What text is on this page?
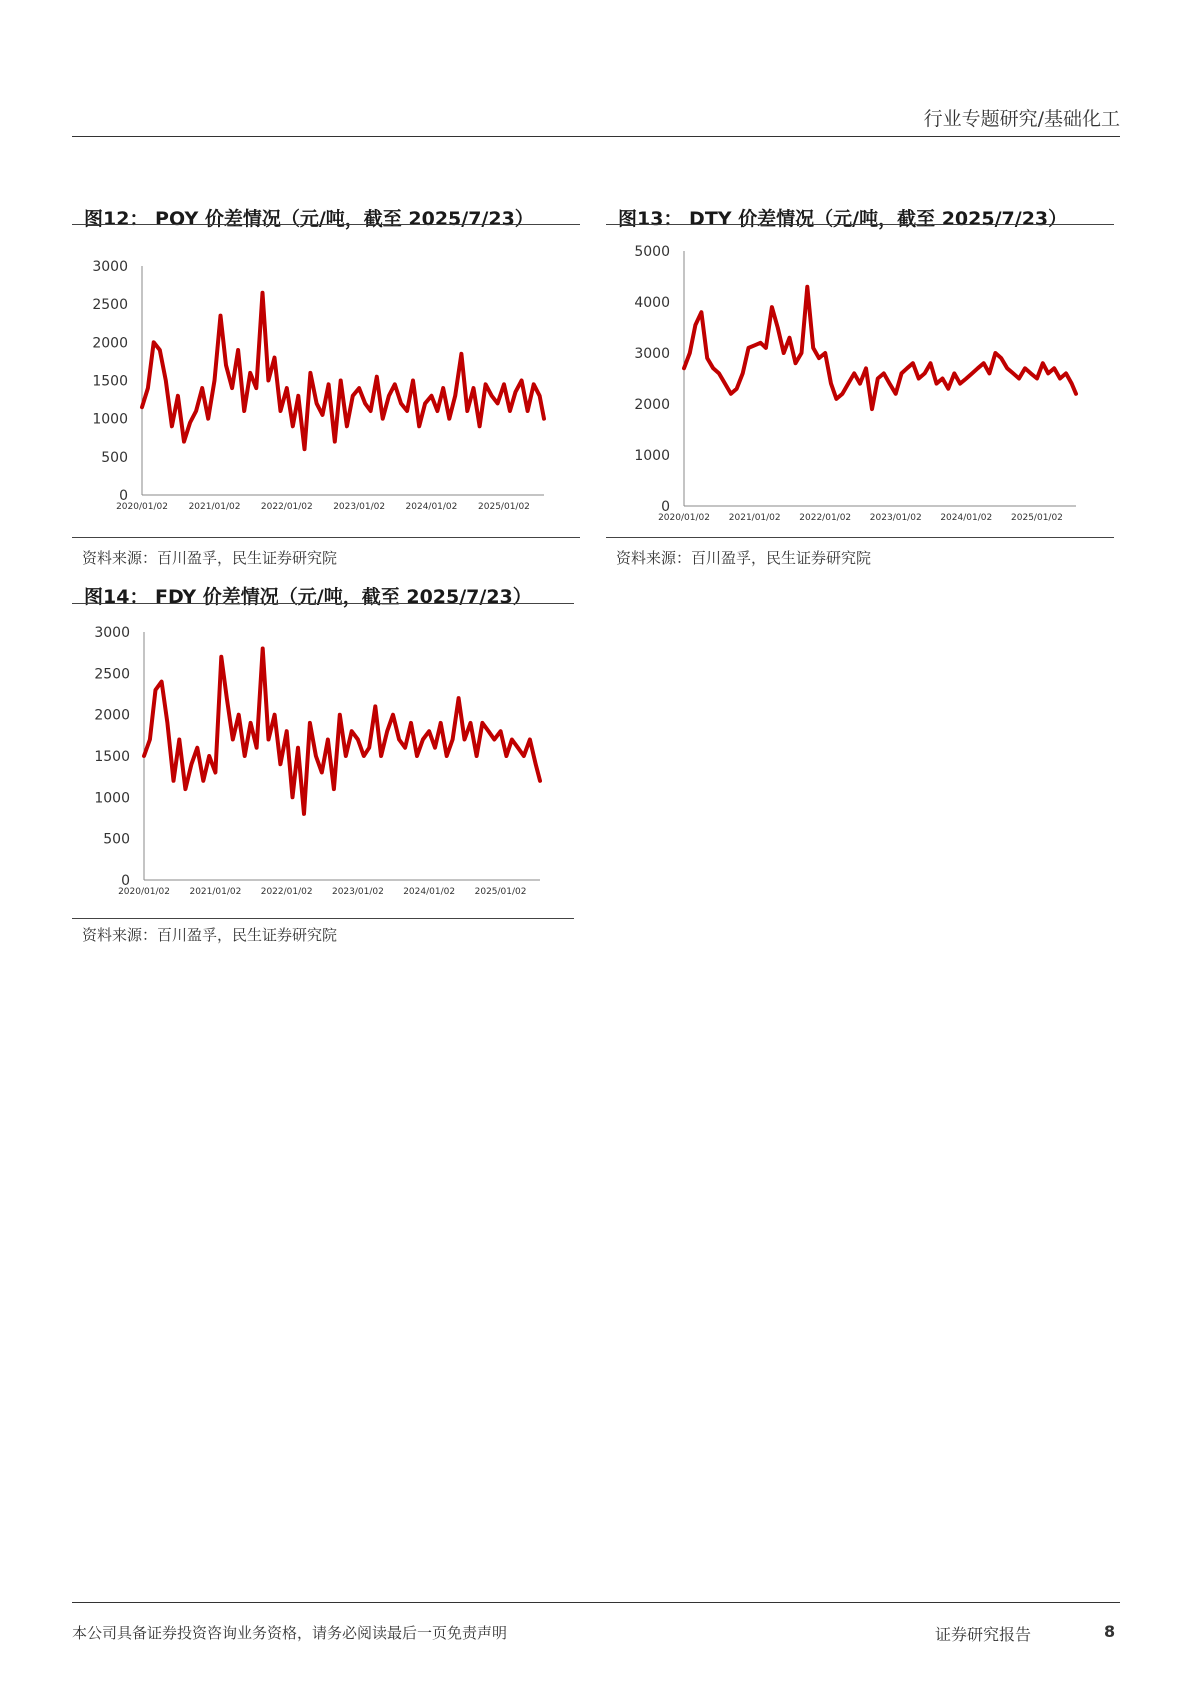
行业专题研究/基础化工
图12： POY 价差情况（元/吨，截至 2025/7/23）
0
500
1000
1500
2000
2500
3000
2020/01/02 2021/01/02 2022/01/02 2023/01/02 2024/01/02 2025/01/02
资料来源：百川盈孚，民生证券研究院
图13： DTY 价差情况（元/吨，截至 2025/7/23）
0
1000
2000
3000
4000
5000
2020/01/02 2021/01/02 2022/01/02 2023/01/02 2024/01/02 2025/01/02
资料来源：百川盈孚，民生证券研究院
图14： FDY 价差情况（元/吨，截至 2025/7/23）
0
500
1000
1500
2000
2500
3000
2020/01/02 2021/01/02 2022/01/02 2023/01/02 2024/01/02 2025/01/02
资料来源：百川盈孚，民生证券研究院
本公司具备证券投资咨询业务资格，请务必阅读最后一页免责声明	证券研究报告	8
